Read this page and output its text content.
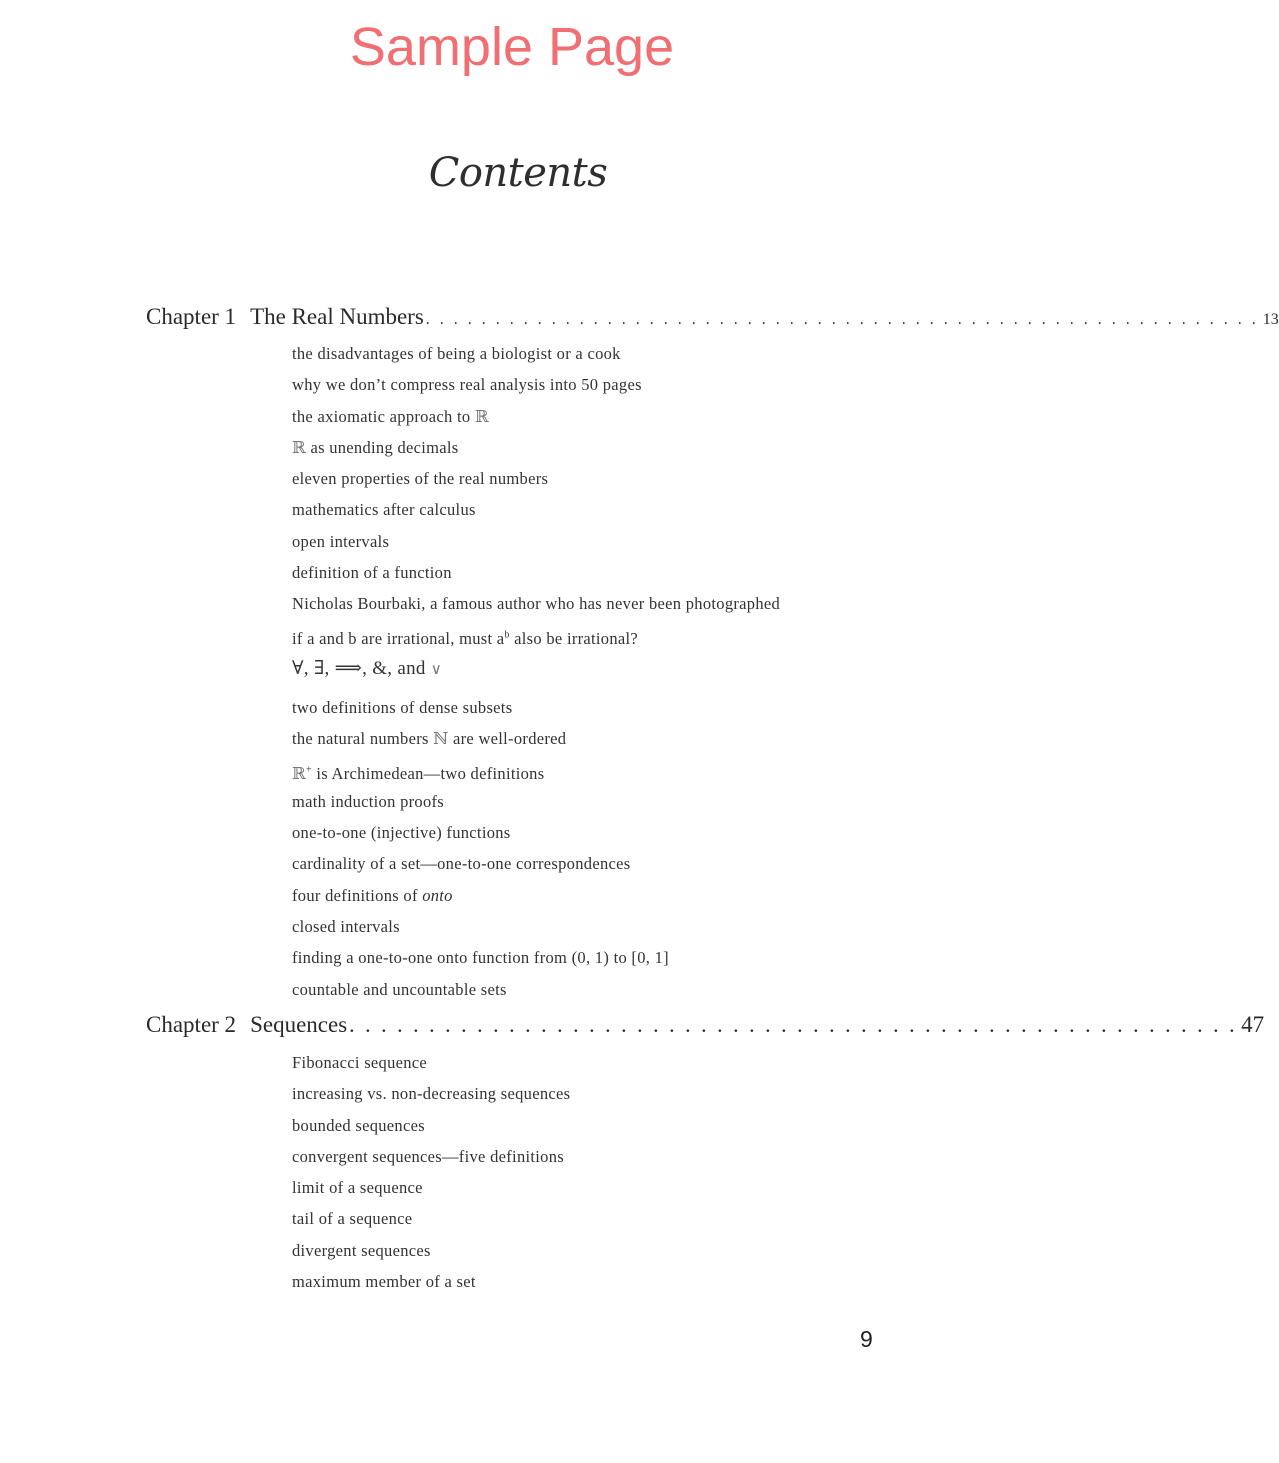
Sample Page
Contents
Chapter 1 The Real Numbers . . . . . . . . . . . . . . . . . . . . . . . . . . . . . . . . . . . . . . . . . . . . . . . . . . . . . . . . . . . . 13
the disadvantages of being a biologist or a cook
why we don’t compress real analysis into 50 pages
the axiomatic approach to ℝ
ℝ as unending decimals
eleven properties of the real numbers
mathematics after calculus
open intervals
definition of a function
Nicholas Bourbaki, a famous author who has never been photographed
if a and b are irrational, must $a^b$ also be irrational?
∀, ∃, ⟹, &, and ∨
two definitions of dense subsets
the natural numbers ℕ are well-ordered
ℝ+ is Archimedean—two definitions
math induction proofs
one-to-one (injective) functions
cardinality of a set—one-to-one correspondences
four definitions of onto
closed intervals
finding a one-to-one onto function from (0, 1) to [0, 1]
countable and uncountable sets
Chapter 2 Sequences . . . . . . . . . . . . . . . . . . . . . . . . . . . . . . . . . . . . . . . . . . . . . . . . . . . . . . . . 47
Fibonacci sequence
increasing vs. non-decreasing sequences
bounded sequences
convergent sequences—five definitions
limit of a sequence
tail of a sequence
divergent sequences
maximum member of a set
9
